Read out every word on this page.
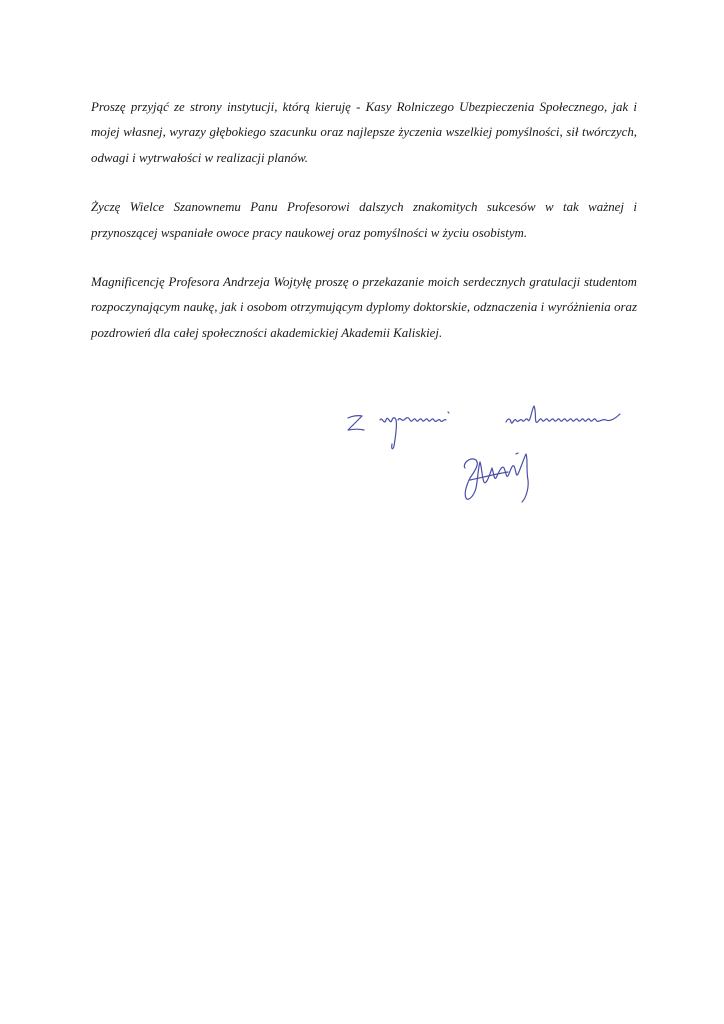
Proszę przyjąć ze strony instytucji, którą kieruję - Kasy Rolniczego Ubezpieczenia Społecznego, jak i mojej własnej, wyrazy głębokiego szacunku oraz najlepsze życzenia wszelkiej pomyślności, sił twórczych, odwagi i wytrwałości w realizacji planów.

Życzę Wielce Szanownemu Panu Profesorowi dalszych znakomitych sukcesów w tak ważnej i przynoszącej wspaniałe owoce pracy naukowej oraz pomyślności w życiu osobistym.

Magnificencję Profesora Andrzeja Wojtyłę proszę o przekazanie moich serdecznych gratulacji studentom rozpoczynającym naukę, jak i osobom otrzymującym dyplomy doktorskie, odznaczenia i wyróżnienia oraz pozdrowień dla całej społeczności akademickiej Akademii Kaliskiej.
